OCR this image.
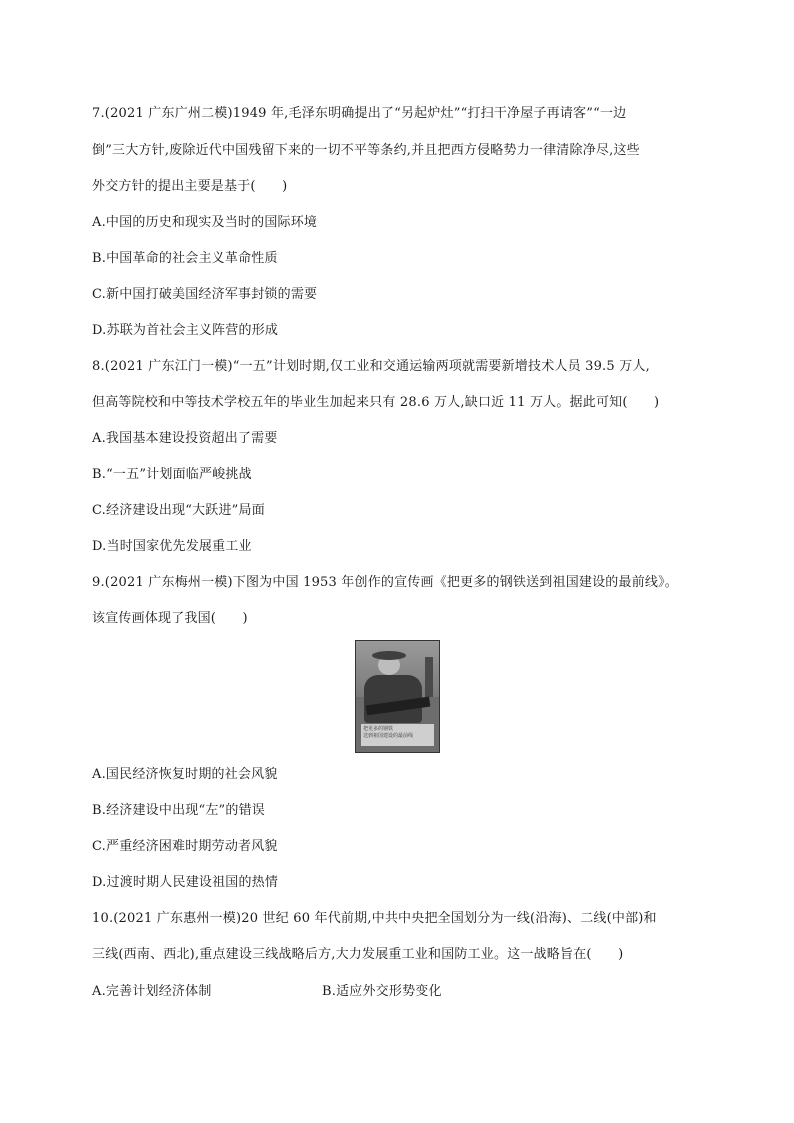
7.(2021 广东广州二模)1949 年,毛泽东明确提出了“另起炉灶”“打扫干净屋子再请客”“一边
倒”三大方针,废除近代中国残留下来的一切不平等条约,并且把西方侵略势力一律清除净尽,这些
外交方针的提出主要是基于(　　)
A.中国的历史和现实及当时的国际环境
B.中国革命的社会主义革命性质
C.新中国打破美国经济军事封锁的需要
D.苏联为首社会主义阵营的形成
8.(2021 广东江门一模)“一五”计划时期,仅工业和交通运输两项就需要新增技术人员 39.5 万人,
但高等院校和中等技术学校五年的毕业生加起来只有 28.6 万人,缺口近 11 万人。据此可知(　　)
A.我国基本建设投资超出了需要
B.“一五”计划面临严峻挑战
C.经济建设出现“大跃进”局面
D.当时国家优先发展重工业
9.(2021 广东梅州一模)下图为中国 1953 年创作的宣传画《把更多的钢铁送到祖国建设的最前线》。
该宣传画体现了我国(　　)
把更多的钢铁
送到祖国建设的最前线
A.国民经济恢复时期的社会风貌
B.经济建设中出现“左”的错误
C.严重经济困难时期劳动者风貌
D.过渡时期人民建设祖国的热情
10.(2021 广东惠州一模)20 世纪 60 年代前期,中共中央把全国划分为一线(沿海)、二线(中部)和
三线(西南、西北),重点建设三线战略后方,大力发展重工业和国防工业。这一战略旨在(　　)
A.完善计划经济体制	B.适应外交形势变化
